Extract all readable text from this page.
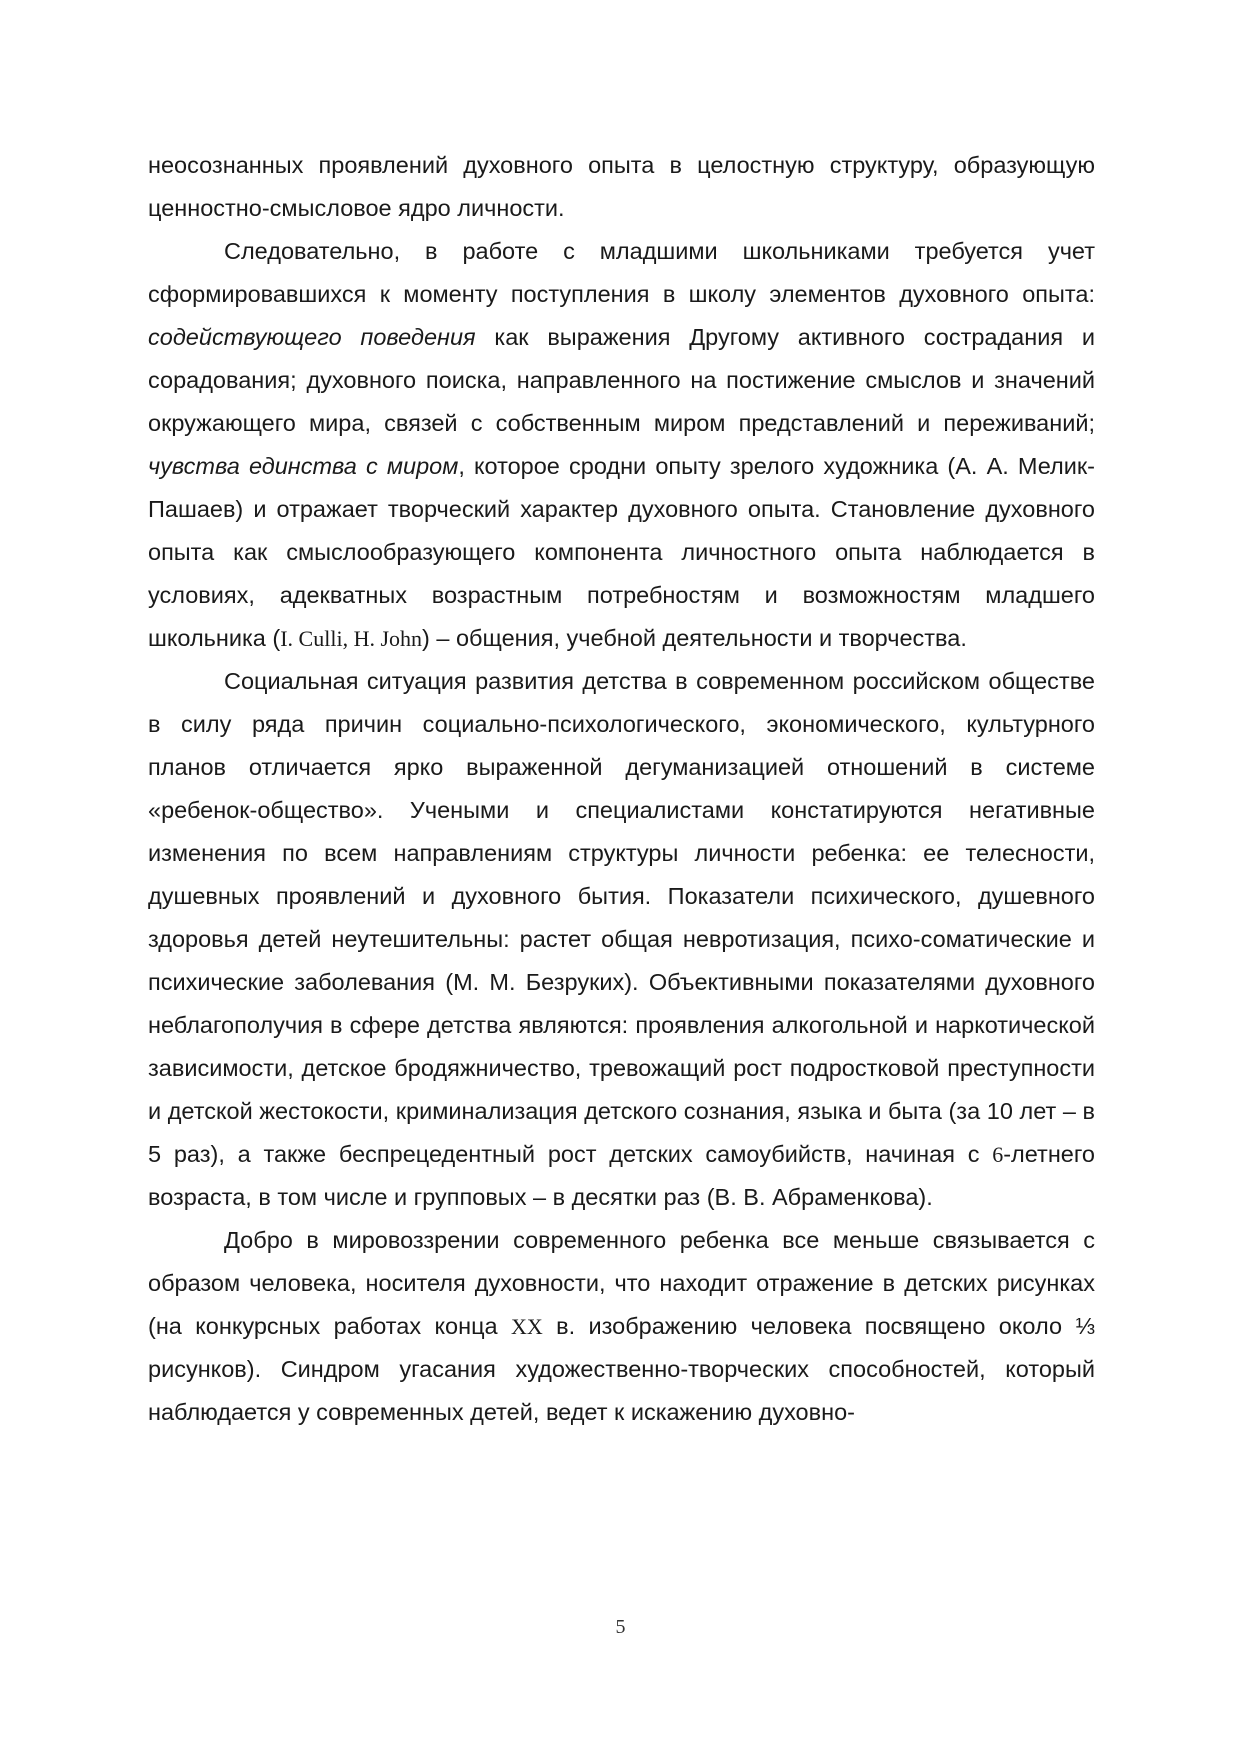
неосознанных проявлений духовного опыта в целостную структуру, образующую ценностно-смысловое ядро личности.

Следовательно, в работе с младшими школьниками требуется учет сформировавшихся к моменту поступления в школу элементов духовного опыта: содействующего поведения как выражения Другому активного сострадания и сорадования; духовного поиска, направленного на постижение смыслов и значений окружающего мира, связей с собственным миром представлений и переживаний; чувства единства с миром, которое сродни опыту зрелого художника (А. А. Мелик-Пашаев) и отражает творческий характер духовного опыта. Становление духовного опыта как смыслообразующего компонента личностного опыта наблюдается в условиях, адекватных возрастным потребностям и возможностям младшего школьника (I. Culli, H. John) – общения, учебной деятельности и творчества.

Социальная ситуация развития детства в современном российском обществе в силу ряда причин социально-психологического, экономического, культурного планов отличается ярко выраженной дегуманизацией отношений в системе «ребенок-общество». Учеными и специалистами констатируются негативные изменения по всем направлениям структуры личности ребенка: ее телесности, душевных проявлений и духовного бытия. Показатели психического, душевного здоровья детей неутешительны: растет общая невротизация, психо-соматические и психические заболевания (М. М. Безруких). Объективными показателями духовного неблагополучия в сфере детства являются: проявления алкогольной и наркотической зависимости, детское бродяжничество, тревожащий рост подростковой преступности и детской жестокости, криминализация детского сознания, языка и быта (за 10 лет – в 5 раз), а также беспрецедентный рост детских самоубийств, начиная с 6-летнего возраста, в том числе и групповых – в десятки раз (В. В. Абраменкова).

Добро в мировоззрении современного ребенка все меньше связывается с образом человека, носителя духовности, что находит отражение в детских рисунках (на конкурсных работах конца XX в. изображению человека посвящено около ⅓ рисунков). Синдром угасания художественно-творческих способностей, который наблюдается у современных детей, ведет к искажению духовно-

5
